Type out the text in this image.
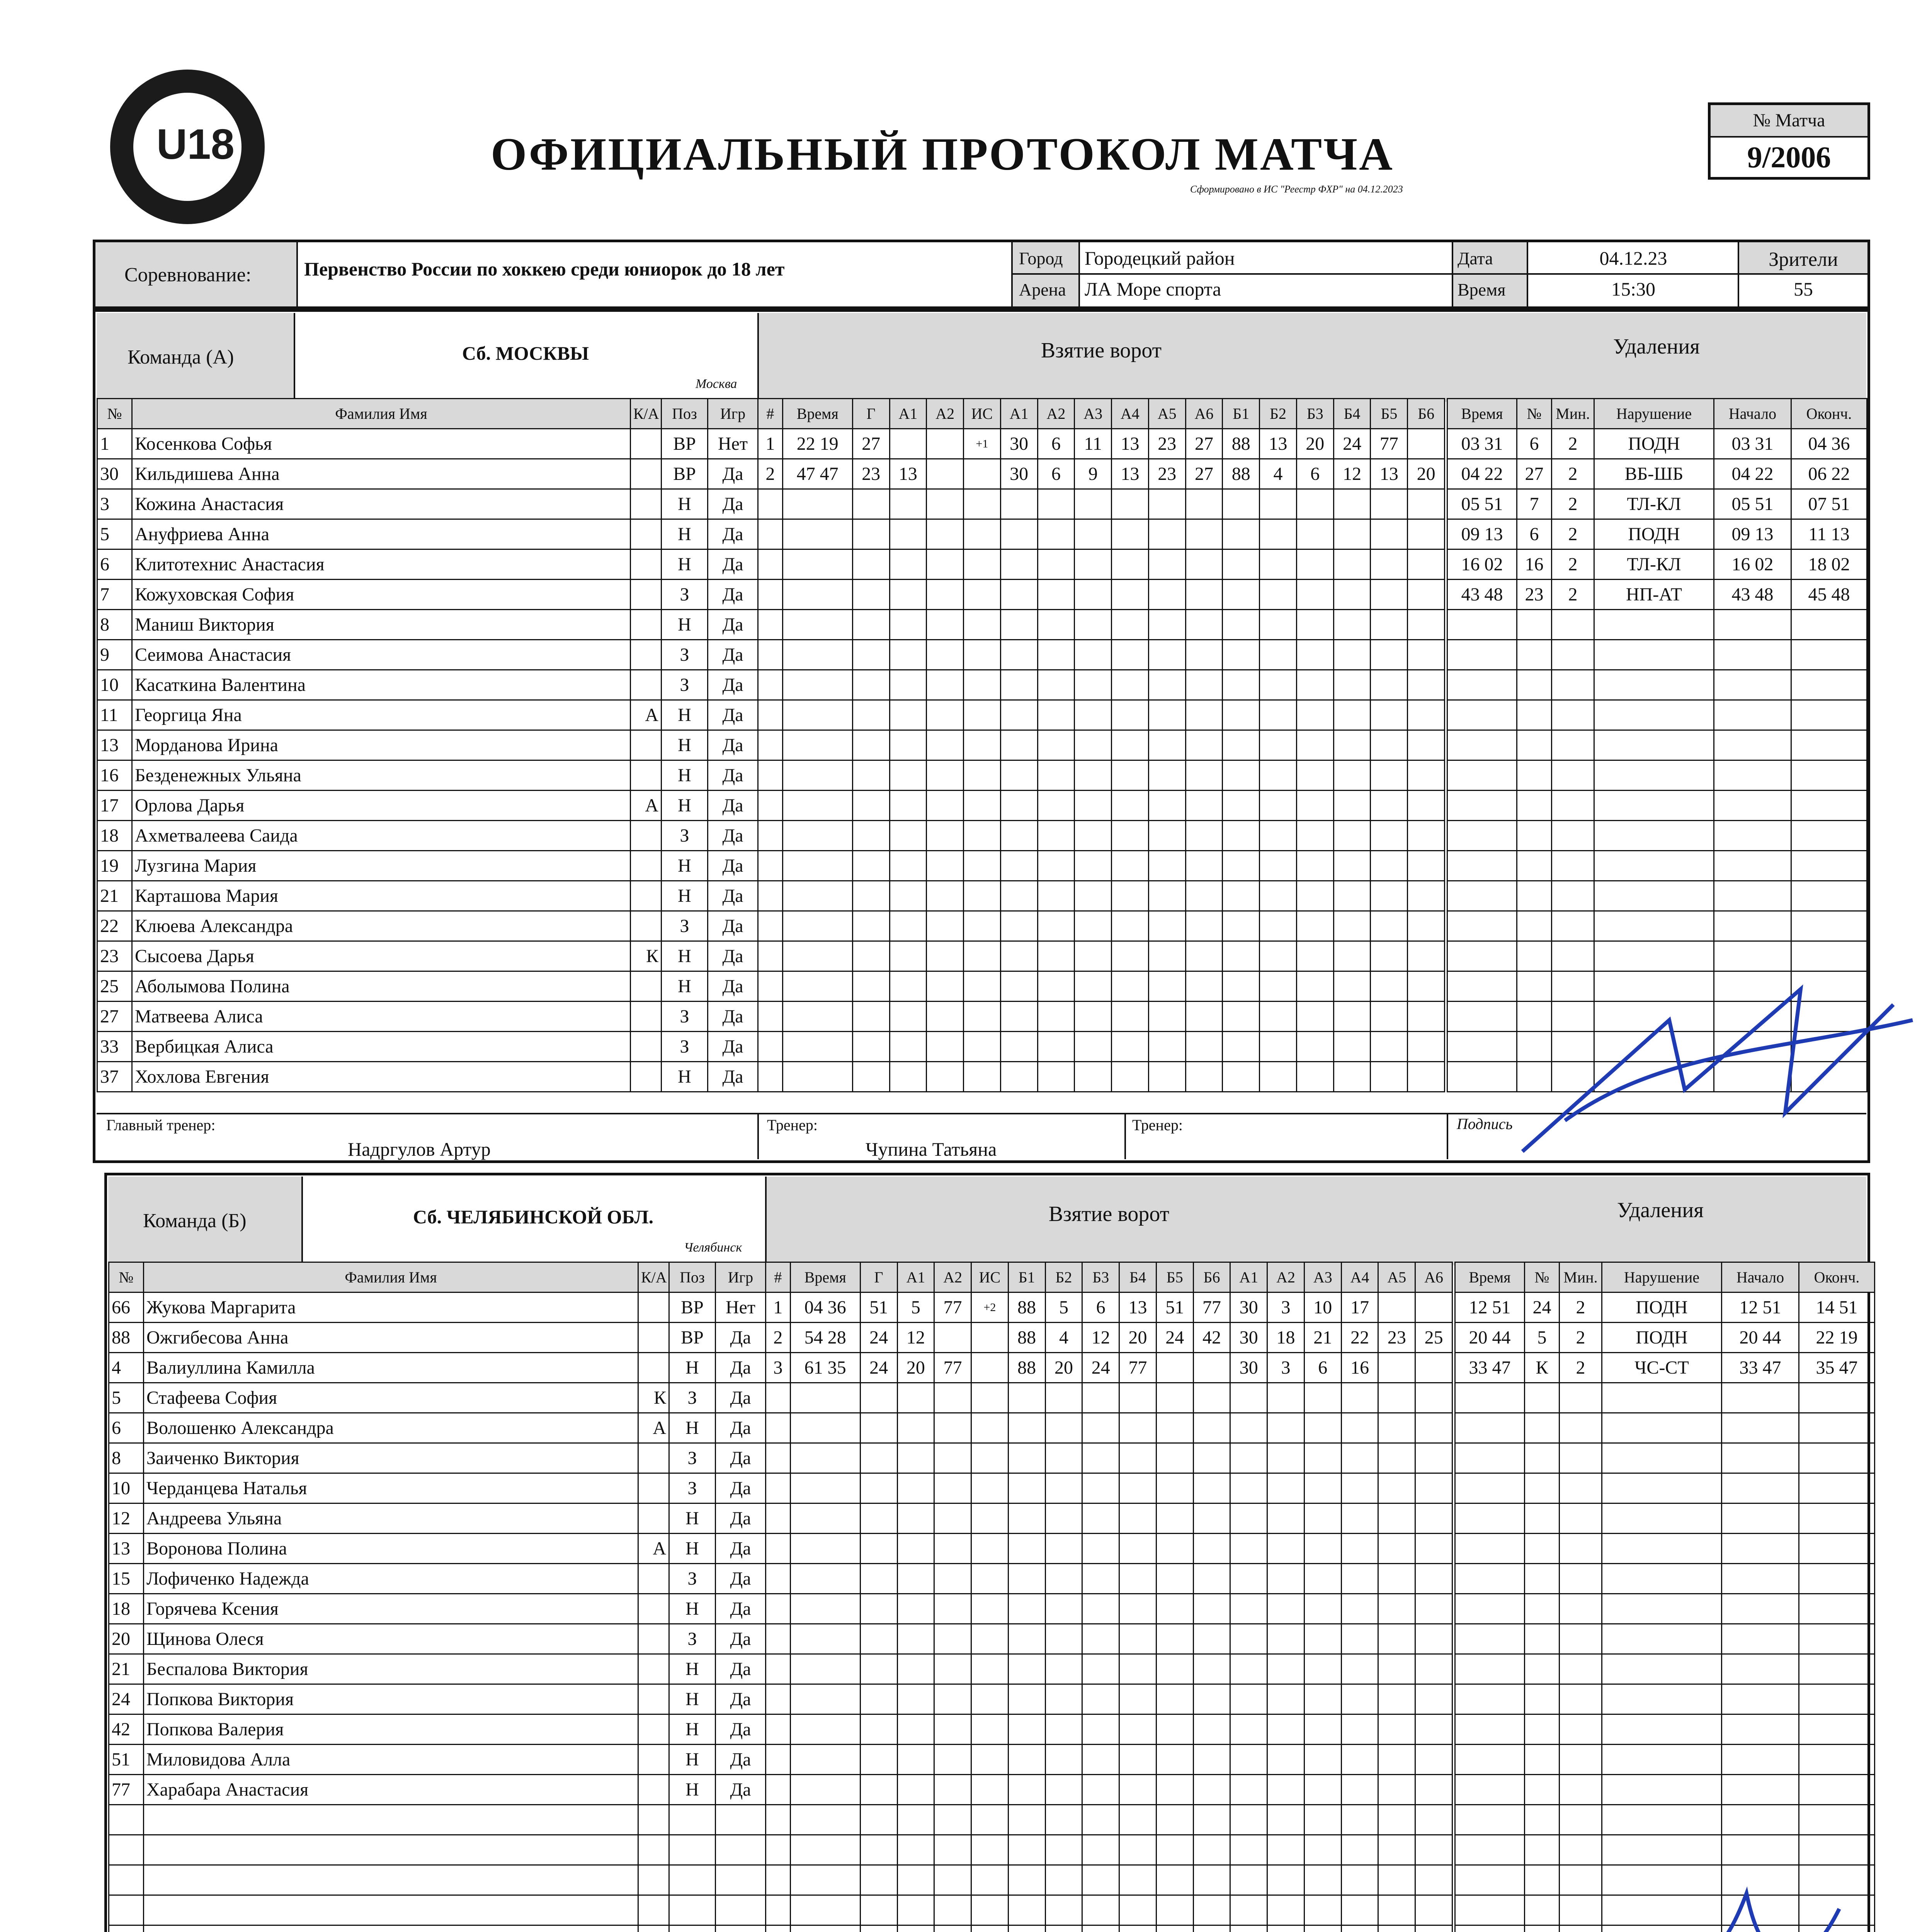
U18	ОФИЦИАЛЬНЫЙ ПРОТОКОЛ МАТЧА
Сформировано в ИС "Реестр ФХР" на 04.12.2023
№ Матча
9/2006
Соревнование:	Первенство России по хоккею среди юниорок до 18 лет	Город Городецкий район
Арена ЛА Море спорта
Дата	04.12.23
Время	15:30
Зрители
55
Команда (А)	Сб. МОСКВЫ
Москва
Взятие ворот	Удаления
№	Фамилия Имя	К/А	Поз	Игр
1	Косенкова Софья		ВР	Нет
30	Кильдишева Анна		ВР	Да
3	Кожина Анастасия		Н	Да
5	Ануфриева Анна		Н	Да
6	Клитотехнис Анастасия		Н	Да
7	Кожуховская София		З	Да
8	Маниш Виктория		Н	Да
9	Сеимова Анастасия		З	Да
10	Касаткина Валентина		З	Да
11	Георгица Яна	А	Н	Да
13	Морданова Ирина		Н	Да
16	Безденежных Ульяна		Н	Да
17	Орлова Дарья	А	Н	Да
18	Ахметвалеева Саида		З	Да
19	Лузгина Мария		Н	Да
21	Карташова Мария		Н	Да
22	Клюева Александра		З	Да
23	Сысоева Дарья	К	Н	Да
25	Аболымова Полина		Н	Да
27	Матвеева Алиса		З	Да
33	Вербицкая Алиса		З	Да
37	Хохлова Евгения		Н	Да
#	Время	Г	А1	А2	ИС	А1	А2	А3	А4	А5	А6	Б1	Б2	Б3	Б4	Б5	Б6
1	22 19	27			+1	30	6	11	13	23	27	88	13	20	24	77	
2	47 47	23	13			30	6	9	13	23	27	88	4	6	12	13	20

Время	№	Мин.	Нарушение	Начало	Оконч.
03 31	6	2	ПОДН	03 31	04 36
04 22	27	2	ВБ-ШБ	04 22	06 22
05 51	7	2	ТЛ-КЛ	05 51	07 51
09 13	6	2	ПОДН	09 13	11 13
16 02	16	2	ТЛ-КЛ	16 02	18 02
43 48	23	2	НП-АТ	43 48	45 48

Главный тренер:
Надргулов Артур
Тренер:
Чупина Татьяна
Тренер:	Подпись
Команда (Б)	Сб. ЧЕЛЯБИНСКОЙ ОБЛ.
Челябинск
Взятие ворот	Удаления
№	Фамилия Имя	К/А	Поз	Игр
66	Жукова Маргарита		ВР	Нет
88	Ожгибесова Анна		ВР	Да
4	Валиуллина Камилла		Н	Да
5	Стафеева София	К	З	Да
6	Волошенко Александра	А	Н	Да
8	Заиченко Виктория		З	Да
10	Черданцева Наталья		З	Да
12	Андреева Ульяна		Н	Да
13	Воронова Полина	А	Н	Да
15	Лофиченко Надежда		З	Да
18	Горячева Ксения		Н	Да
20	Щинова Олеся		З	Да
21	Беспалова Виктория		Н	Да
24	Попкова Виктория		Н	Да
42	Попкова Валерия		Н	Да
51	Миловидова Алла		Н	Да
77	Харабара Анастасия		Н	Да

#	Время	Г	А1	А2	ИС	Б1	Б2	Б3	Б4	Б5	Б6	А1	А2	А3	А4	А5	А6
1	04 36	51	5	77	+2	88	5	6	13	51	77	30	3	10	17		
2	54 28	24	12			88	4	12	20	24	42	30	18	21	22	23	25
3	61 35	24	20	77		88	20	24	77			30	3	6	16		

Время	№	Мин.	Нарушение	Начало	Оконч.
12 51	24	2	ПОДН	12 51	14 51
20 44	5	2	ПОДН	20 44	22 19
33 47	К	2	ЧС-СТ	33 47	35 47
